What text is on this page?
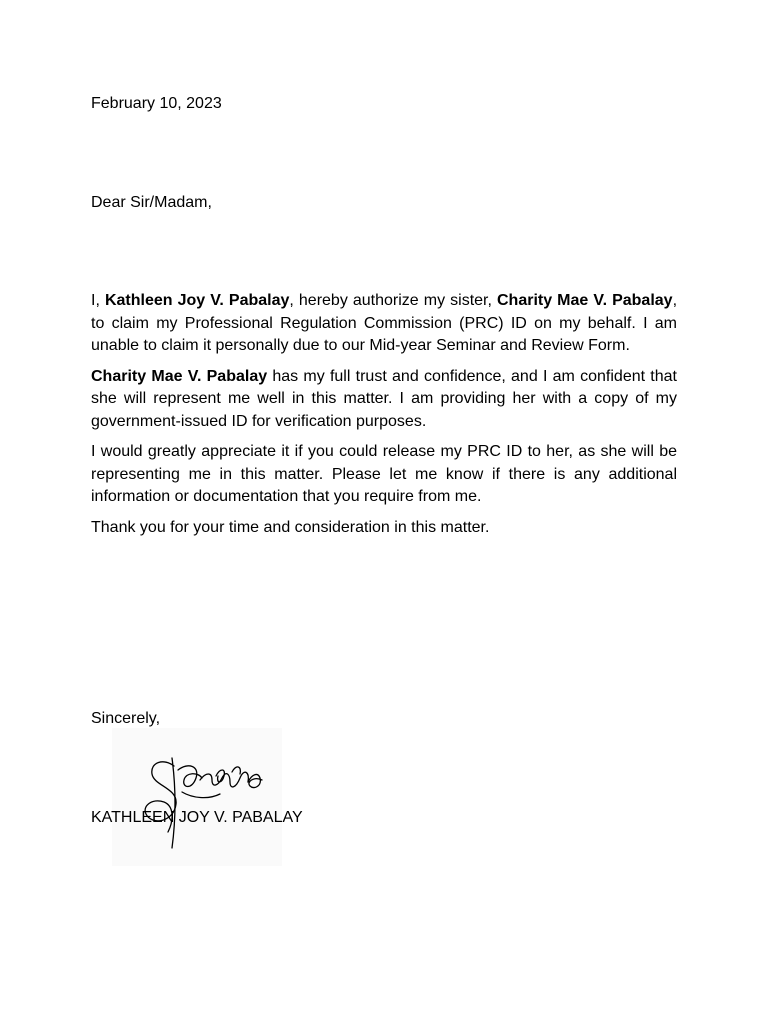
February 10, 2023
Dear Sir/Madam,

I, Kathleen Joy V. Pabalay, hereby authorize my sister, Charity Mae V. Pabalay, to claim my Professional Regulation Commission (PRC) ID on my behalf. I am unable to claim it personally due to our Mid-year Seminar and Review Form.

Charity Mae V. Pabalay has my full trust and confidence, and I am confident that she will represent me well in this matter. I am providing her with a copy of my government-issued ID for verification purposes.

I would greatly appreciate it if you could release my PRC ID to her, as she will be representing me in this matter. Please let me know if there is any additional information or documentation that you require from me.

Thank you for your time and consideration in this matter.

Sincerely,
KATHLEEN JOY V. PABALAY
